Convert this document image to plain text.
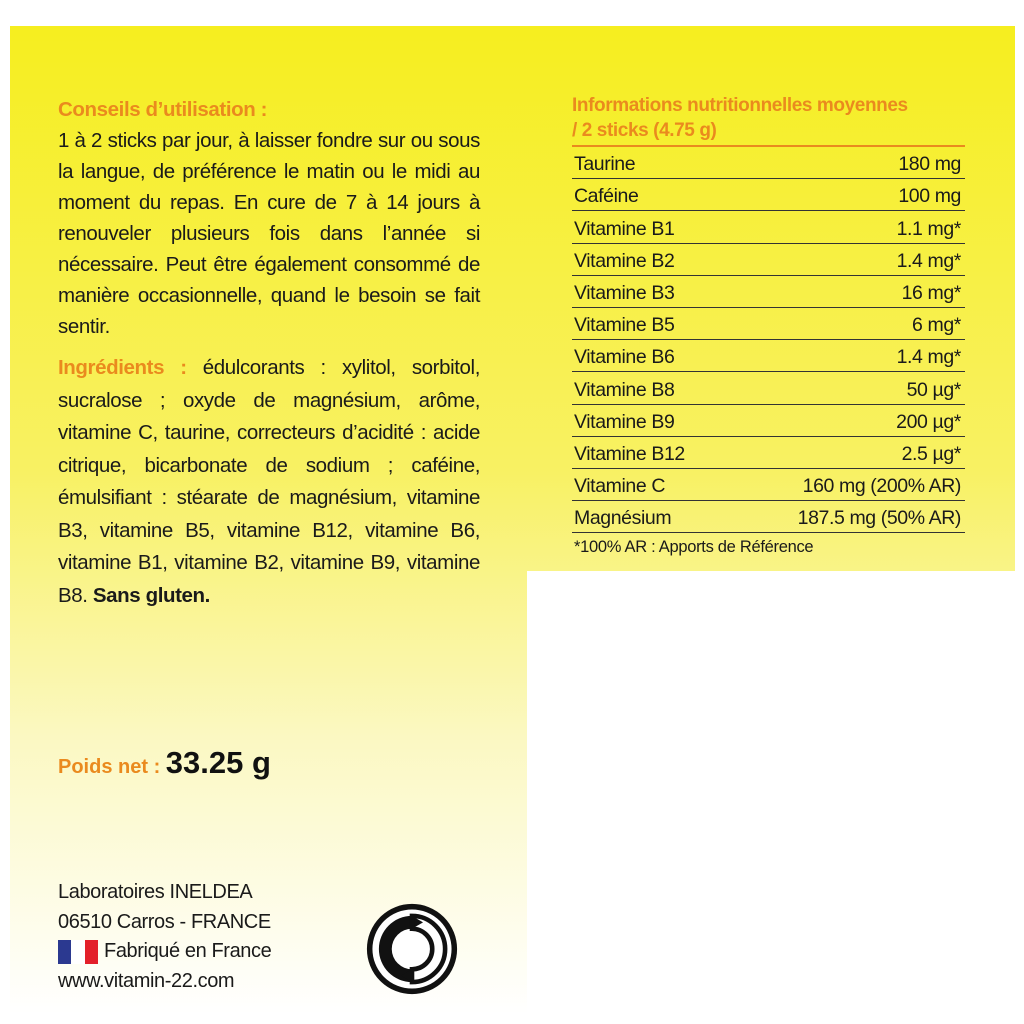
Conseils d’utilisation :

1 à 2 sticks par jour, à laisser fondre sur ou sous la langue, de préférence le matin ou le midi au moment du repas. En cure de 7 à 14 jours à renouveler plusieurs fois dans l’année si nécessaire. Peut être également consommé de manière occasionnelle, quand le besoin se fait sentir.

Ingrédients : édulcorants : xylitol, sorbitol, sucralose ; oxyde de magnésium, arôme, vitamine C, taurine, correcteurs d’acidité : acide citrique, bicarbonate de sodium ; caféine, émulsifiant : stéarate de magnésium, vitamine B3, vitamine B5, vitamine B12, vitamine B6, vitamine B1, vitamine B2, vitamine B9, vitamine B8. Sans gluten.

Poids net : 33.25 g
Laboratoires INELDEA
06510 Carros - FRANCE
Fabriqué en France
www.vitamin-22.com
Informations nutritionnelles moyennes
/ 2 sticks (4.75 g)
Taurine	180 mg
Caféine	100 mg
Vitamine B1	1.1 mg*
Vitamine B2	1.4 mg*
Vitamine B3	16 mg*
Vitamine B5	6 mg*
Vitamine B6	1.4 mg*
Vitamine B8	50 µg*
Vitamine B9	200 µg*
Vitamine B12	2.5 µg*
Vitamine C	160 mg (200% AR)
Magnésium	187.5 mg (50% AR)
*100% AR : Apports de Référence
